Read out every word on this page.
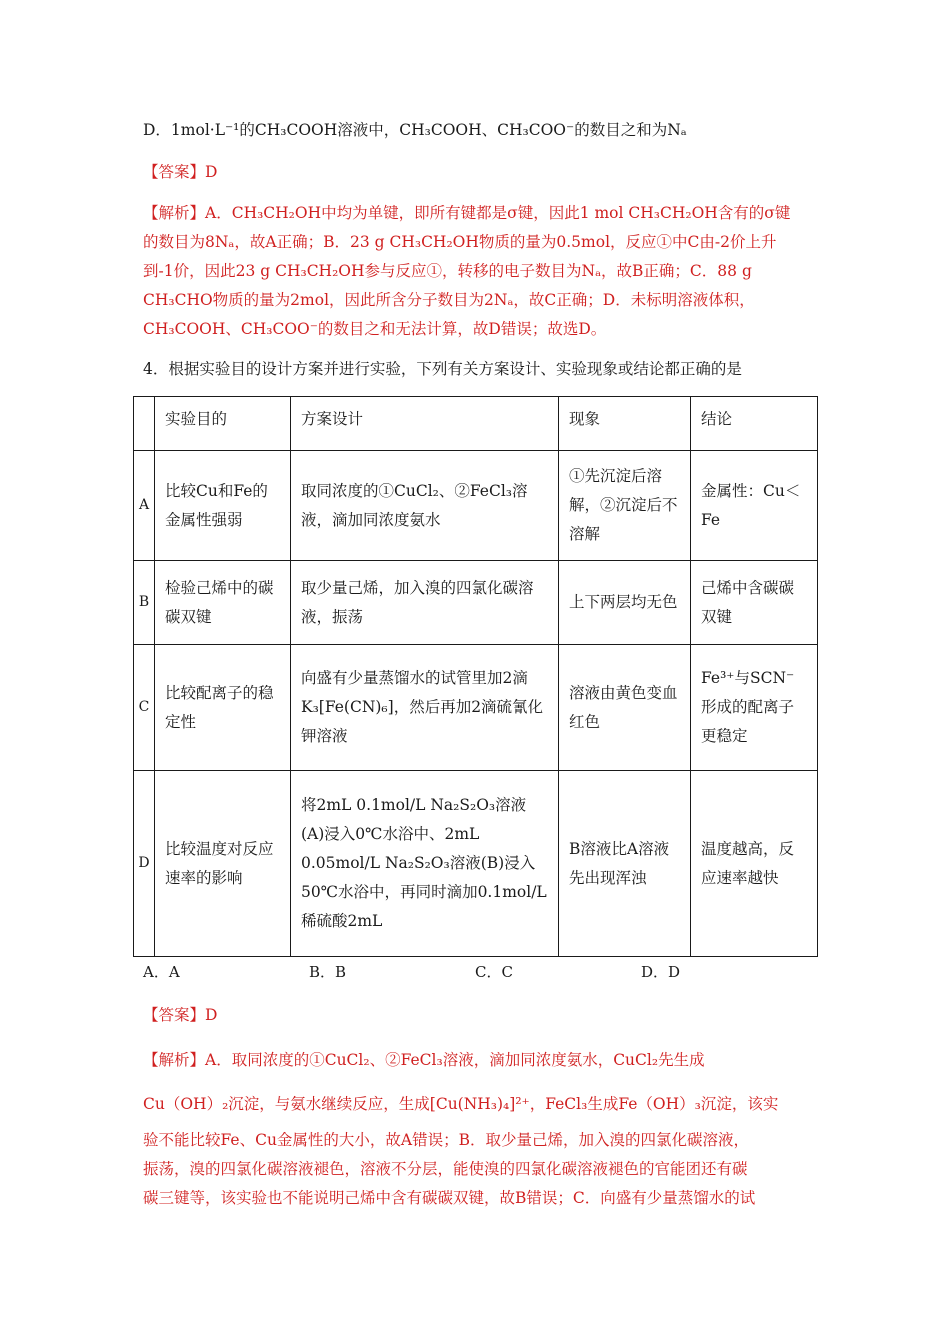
D．1mol·L⁻¹的CH₃COOH溶液中，CH₃COOH、CH₃COO⁻的数目之和为Nₐ
【答案】D
【解析】A．CH₃CH₂OH中均为单键，即所有键都是σ键，因此1 mol CH₃CH₂OH含有的σ键
的数目为8Nₐ，故A正确；B．23 g CH₃CH₂OH物质的量为0.5mol，反应①中C由-2价上升
到-1价，因此23 g CH₃CH₂OH参与反应①，转移的电子数目为Nₐ，故B正确；C．88 g
CH₃CHO物质的量为2mol，因此所含分子数目为2Nₐ，故C正确；D．未标明溶液体积，
CH₃COOH、CH₃COO⁻的数目之和无法计算，故D错误；故选D。
4．根据实验目的设计方案并进行实验，下列有关方案设计、实验现象或结论都正确的是
	实验目的	方案设计	现象	结论
A	比较Cu和Fe的金属性强弱	取同浓度的①CuCl₂、②FeCl₃溶液，滴加同浓度氨水	①先沉淀后溶解，②沉淀后不溶解	金属性：Cu＜Fe
B	检验己烯中的碳碳双键	取少量己烯，加入溴的四氯化碳溶液，振荡	上下两层均无色	己烯中含碳碳双键
C	比较配离子的稳定性	向盛有少量蒸馏水的试管里加2滴K₃[Fe(CN)₆]，然后再加2滴硫氰化钾溶液	溶液由黄色变血红色	Fe³⁺与SCN⁻形成的配离子更稳定
D	比较温度对反应速率的影响	将2mL 0.1mol/L Na₂S₂O₃溶液(A)浸入0℃水浴中、2mL 0.05mol/L Na₂S₂O₃溶液(B)浸入50℃水浴中，再同时滴加0.1mol/L稀硫酸2mL	B溶液比A溶液先出现浑浊	温度越高，反应速率越快
A．A	B．B	C．C	D．D
【答案】D
【解析】A．取同浓度的①CuCl₂、②FeCl₃溶液，滴加同浓度氨水，CuCl₂先生成
Cu（OH）₂沉淀，与氨水继续反应，生成[Cu(NH₃)₄]²⁺，FeCl₃生成Fe（OH）₃沉淀，该实
验不能比较Fe、Cu金属性的大小，故A错误；B．取少量己烯，加入溴的四氯化碳溶液，
振荡，溴的四氯化碳溶液褪色，溶液不分层，能使溴的四氯化碳溶液褪色的官能团还有碳
碳三键等，该实验也不能说明己烯中含有碳碳双键，故B错误；C．向盛有少量蒸馏水的试
